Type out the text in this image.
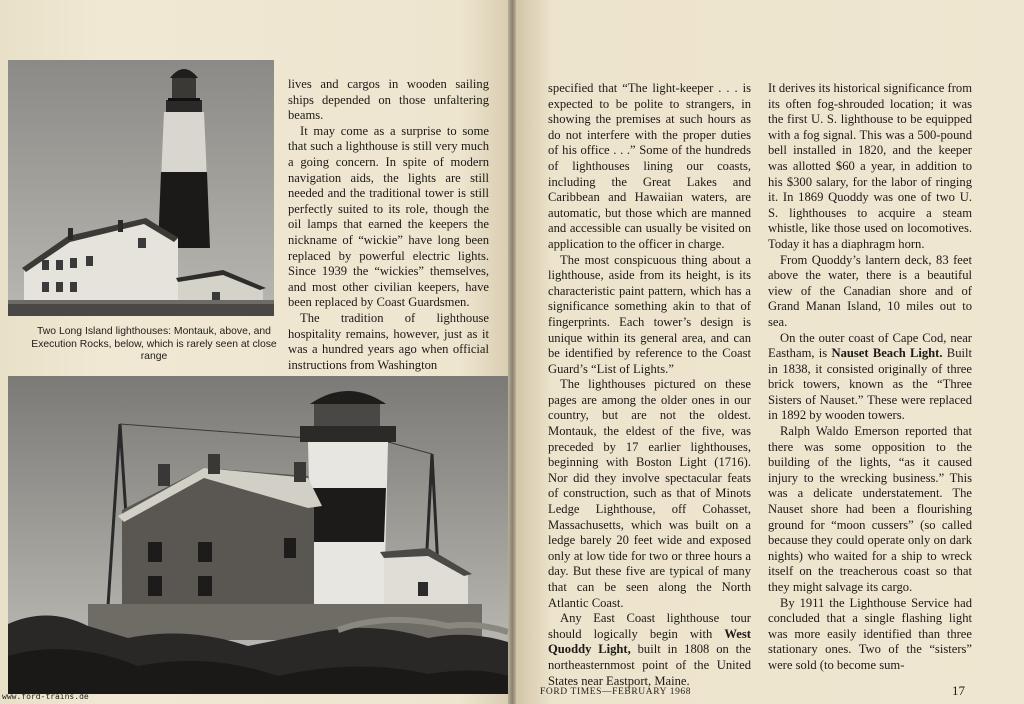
Two Long Island lighthouses: Montauk, above, and Execution Rocks, below, which is rarely seen at close range

lives and cargos in wooden sailing ships depended on those unfaltering beams.

It may come as a surprise to some that such a lighthouse is still very much a going concern. In spite of modern navigation aids, the lights are still needed and the traditional tower is still perfectly suited to its role, though the oil lamps that earned the keepers the nickname of “wickie” have long been replaced by powerful electric lights. Since 1939 the “wickies” themselves, and most other civilian keepers, have been replaced by Coast Guardsmen.

The tradition of lighthouse hospitality remains, however, just as it was a hundred years ago when official instructions from Washington

specified that “The light-keeper . . . is expected to be polite to strangers, in showing the premises at such hours as do not interfere with the proper duties of his office . . .” Some of the hundreds of lighthouses lining our coasts, including the Great Lakes and Caribbean and Hawaiian waters, are automatic, but those which are manned and accessible can usually be visited on application to the officer in charge.

The most conspicuous thing about a lighthouse, aside from its height, is its characteristic paint pattern, which has a significance something akin to that of fingerprints. Each tower’s design is unique within its general area, and can be identified by reference to the Coast Guard’s “List of Lights.”

The lighthouses pictured on these pages are among the older ones in our country, but are not the oldest. Montauk, the eldest of the five, was preceded by 17 earlier lighthouses, beginning with Boston Light (1716). Nor did they involve spectacular feats of construction, such as that of Minots Ledge Lighthouse, off Cohasset, Massachusetts, which was built on a ledge barely 20 feet wide and exposed only at low tide for two or three hours a day. But these five are typical of many that can be seen along the North Atlantic Coast.

Any East Coast lighthouse tour should logically begin with West Quoddy Light, built in 1808 on the northeasternmost point of the United States near Eastport, Maine.

It derives its historical significance from its often fog-shrouded location; it was the first U. S. lighthouse to be equipped with a fog signal. This was a 500-pound bell installed in 1820, and the keeper was allotted $60 a year, in addition to his $300 salary, for the labor of ringing it. In 1869 Quoddy was one of two U. S. lighthouses to acquire a steam whistle, like those used on locomotives. Today it has a diaphragm horn.

From Quoddy’s lantern deck, 83 feet above the water, there is a beautiful view of the Canadian shore and of Grand Manan Island, 10 miles out to sea.

On the outer coast of Cape Cod, near Eastham, is Nauset Beach Light. Built in 1838, it consisted originally of three brick towers, known as the “Three Sisters of Nauset.” These were replaced in 1892 by wooden towers.

Ralph Waldo Emerson reported that there was some opposition to the building of the lights, “as it caused injury to the wrecking business.” This was a delicate understatement. The Nauset shore had been a flourishing ground for “moon cussers” (so called because they could operate only on dark nights) who waited for a ship to wreck itself on the treacherous coast so that they might salvage its cargo.

By 1911 the Lighthouse Service had concluded that a single flashing light was more easily identified than three stationary ones. Two of the “sisters” were sold (to become sum-

FORD TIMES—FEBRUARY 1968	17
www.ford-trains.de
